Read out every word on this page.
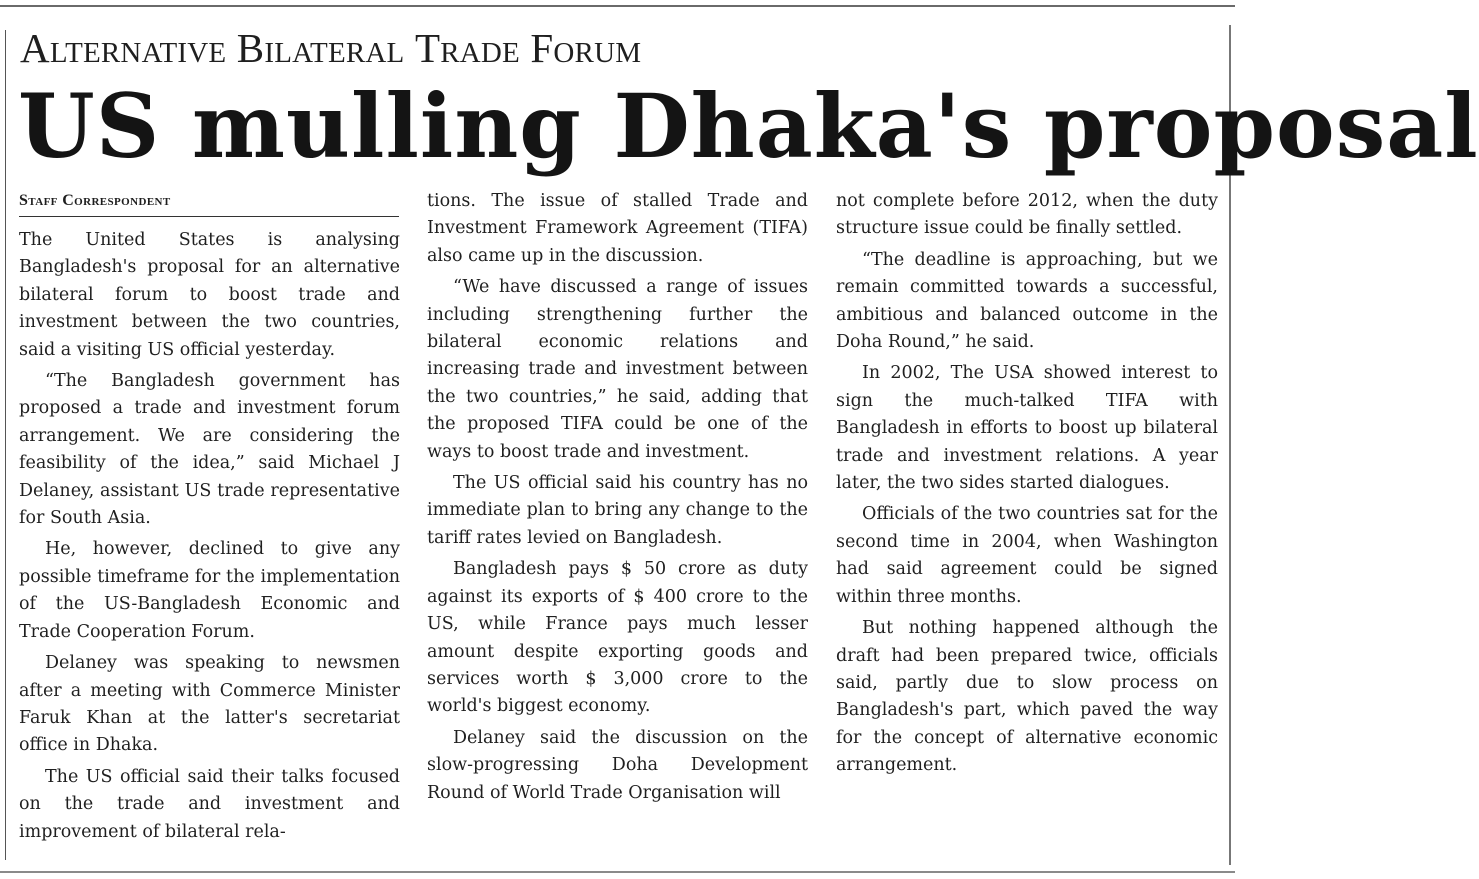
Alternative Bilateral Trade Forum
US mulling Dhaka's proposal
Staff Correspondent

The United States is analysing Bangladesh's proposal for an alternative bilateral forum to boost trade and investment between the two countries, said a visiting US official yesterday.

“The Bangladesh government has proposed a trade and investment forum arrangement. We are considering the feasibility of the idea,” said Michael J Delaney, assistant US trade representative for South Asia.

He, however, declined to give any possible timeframe for the implementation of the US-Bangladesh Economic and Trade Cooperation Forum.

Delaney was speaking to newsmen after a meeting with Commerce Minister Faruk Khan at the latter's secretariat office in Dhaka.

The US official said their talks focused on the trade and investment and improvement of bilateral rela-

tions. The issue of stalled Trade and Investment Framework Agreement (TIFA) also came up in the discussion.

“We have discussed a range of issues including strengthening further the bilateral economic relations and increasing trade and investment between the two countries,” he said, adding that the proposed TIFA could be one of the ways to boost trade and investment.

The US official said his country has no immediate plan to bring any change to the tariff rates levied on Bangladesh.

Bangladesh pays $ 50 crore as duty against its exports of $ 400 crore to the US, while France pays much lesser amount despite exporting goods and services worth $ 3,000 crore to the world's biggest economy.

Delaney said the discussion on the slow-progressing Doha Development Round of World Trade Organisation will

not complete before 2012, when the duty structure issue could be finally settled.

“The deadline is approaching, but we remain committed towards a successful, ambitious and balanced outcome in the Doha Round,” he said.

In 2002, The USA showed interest to sign the much-talked TIFA with Bangladesh in efforts to boost up bilateral trade and investment relations. A year later, the two sides started dialogues.

Officials of the two countries sat for the second time in 2004, when Washington had said agreement could be signed within three months.

But nothing happened although the draft had been prepared twice, officials said, partly due to slow process on Bangladesh's part, which paved the way for the concept of alternative economic arrangement.
